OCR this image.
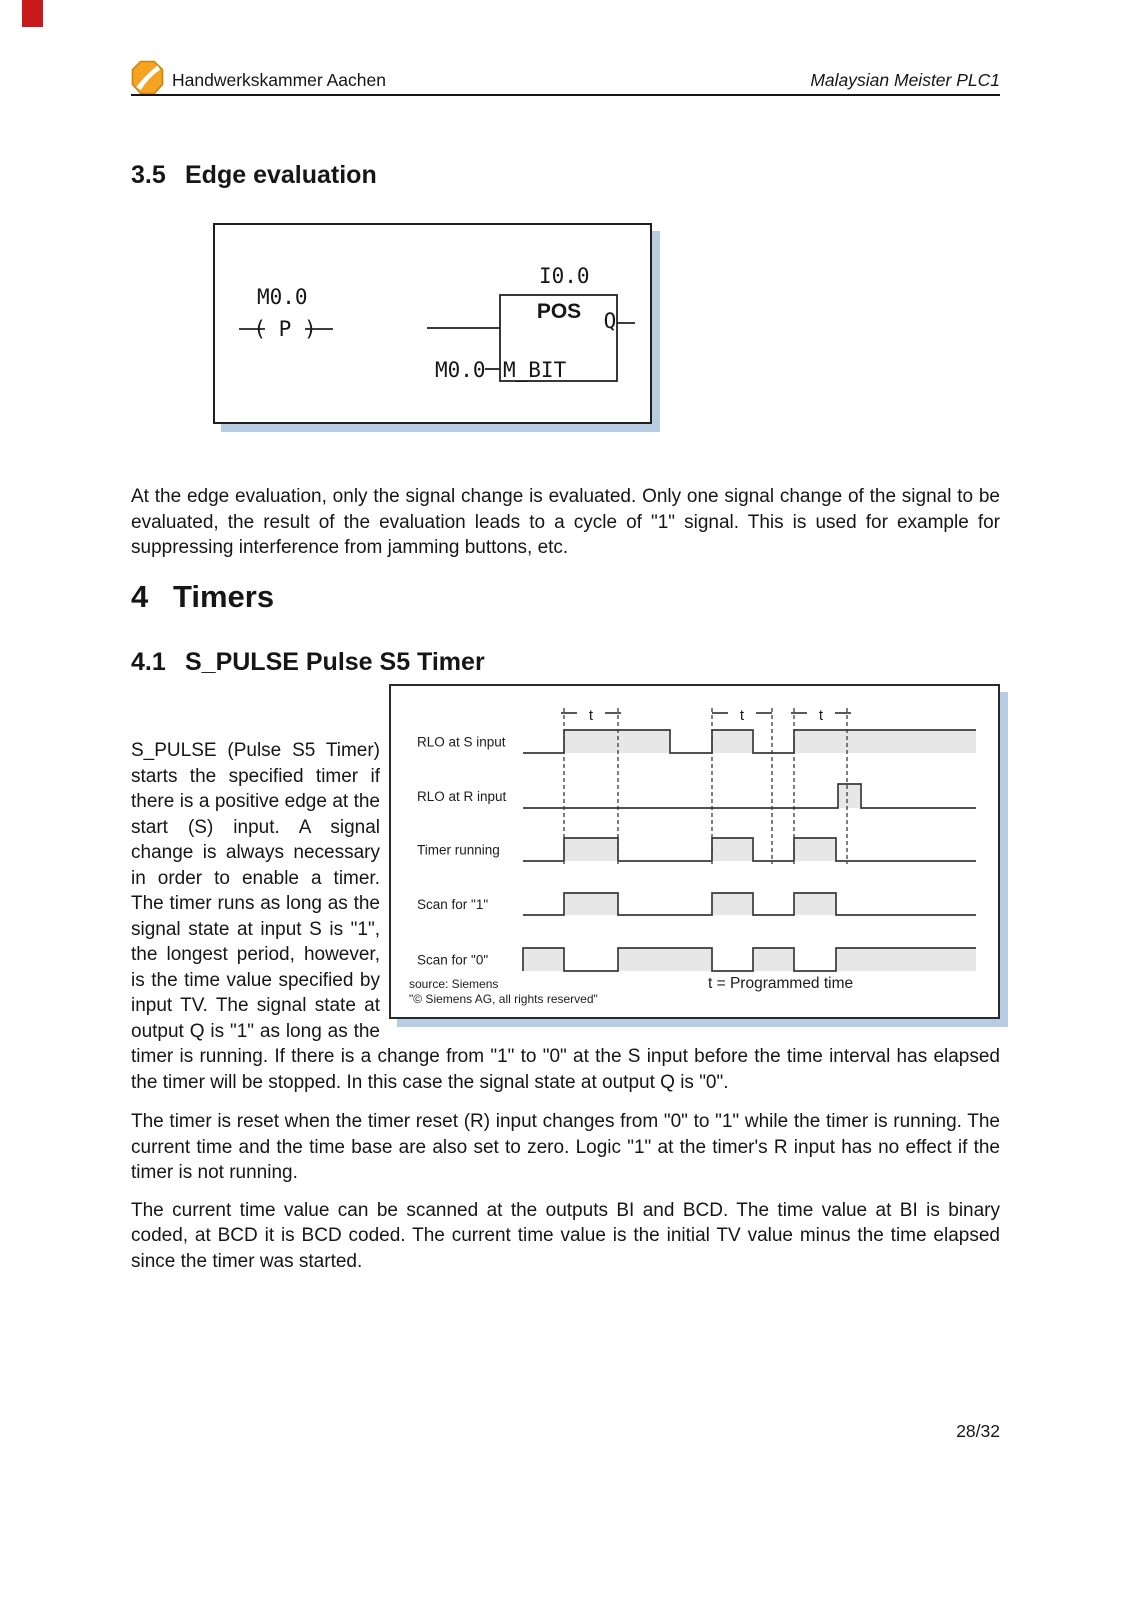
Handwerkskammer Aachen	Malaysian Meister PLC1
3.5 Edge evaluation
M0.0
( P )
I0.0
POS Q
M0.0 M_BIT

At the edge evaluation, only the signal change is evaluated. Only one signal change of the signal to be evaluated, the result of the evaluation leads to a cycle of "1" signal. This is used for example for suppressing interference from jamming buttons, etc.

4 Timers
4.1 S_PULSE Pulse S5 Timer
t	t	t
RLO at S input
RLO at R input
Timer running
Scan for "1"
Scan for "0"
t = Programmed time
source: Siemens
"© Siemens AG, all rights reserved"

S_PULSE (Pulse S5 Timer) starts the specified timer if there is a positive edge at the start (S) input. A signal change is always necessary in order to enable a timer. The timer runs as long as the signal state at input S is "1", the longest period, however, is the time value specified by input TV. The signal state at output Q is "1" as long as the timer is running. If there is a change from "1" to "0" at the S input before the time interval has elapsed the timer will be stopped. In this case the signal state at output Q is "0".

The timer is reset when the timer reset (R) input changes from "0" to "1" while the timer is running. The current time and the time base are also set to zero. Logic "1" at the timer's R input has no effect if the timer is not running.

The current time value can be scanned at the outputs BI and BCD. The time value at BI is binary coded, at BCD it is BCD coded. The current time value is the initial TV value minus the time elapsed since the timer was started.

28/32
